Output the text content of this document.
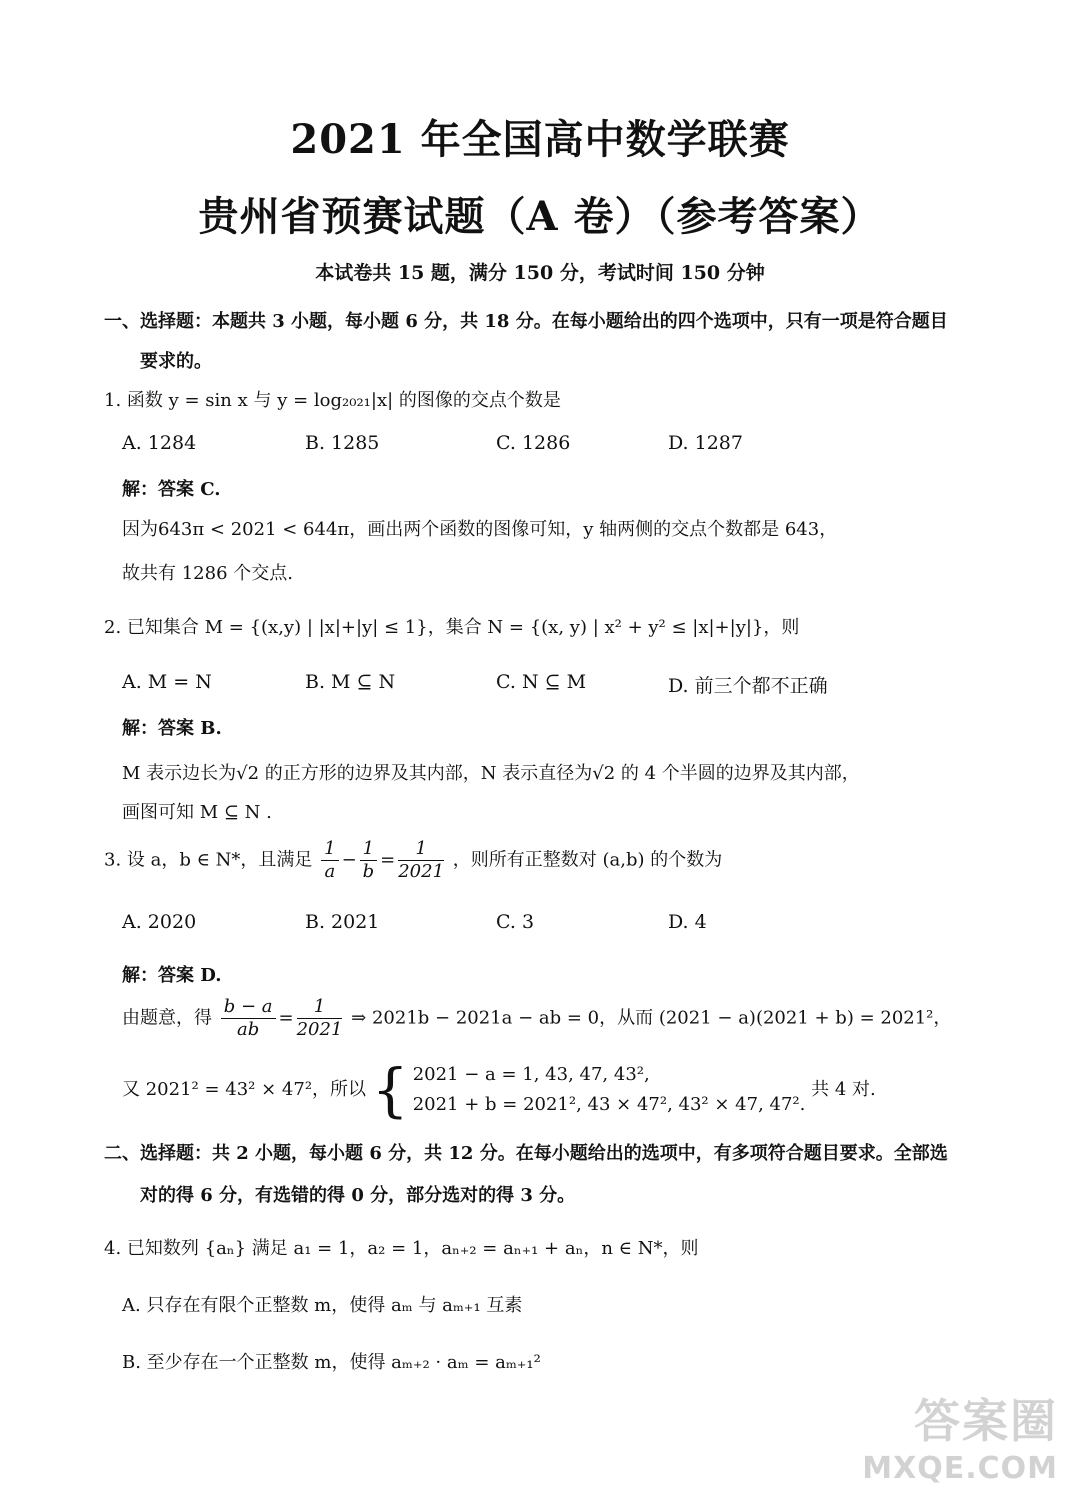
2021 年全国高中数学联赛
贵州省预赛试题（A 卷）（参考答案）
本试卷共 15 题，满分 150 分，考试时间 150 分钟
一、选择题：本题共 3 小题，每小题 6 分，共 18 分。在每小题给出的四个选项中，只有一项是符合题目
要求的。
1. 函数 y = sin x 与 y = log₂₀₂₁|x| 的图像的交点个数是
A. 1284	B. 1285	C. 1286	D. 1287
解：答案 C.
因为643π < 2021 < 644π，画出两个函数的图像可知，y 轴两侧的交点个数都是 643，
故共有 1286 个交点.
2. 已知集合 M = {(x,y) | |x|+|y| ≤ 1}，集合 N = {(x, y) | x² + y² ≤ |x|+|y|}，则
A. M = N	B. M ⊆ N	C. N ⊆ M	D. 前三个都不正确
解：答案 B.
M 表示边长为√2 的正方形的边界及其内部，N 表示直径为√2 的 4 个半圆的边界及其内部，
画图可知 M ⊆ N .
3. 设 a，b ∈ N*，且满足 $\frac{1}{a} - \frac{1}{b} = \frac{1}{2021}$ ，则所有正整数对 (a,b) 的个数为
A. 2020	B. 2021	C. 3	D. 4
解：答案 D.
由题意，得 $\frac{b - a}{ab} = \frac{1}{2021}$ ⇒ 2021b − 2021a − ab = 0，从而 (2021 − a)(2021 + b) = 2021²，
又 2021² = 43² × 47²，所以 { 2021 − a = 1, 43, 47, 43²,
2021 + b = 2021², 43 × 47², 43² × 47, 47².
共 4 对.
二、选择题：共 2 小题，每小题 6 分，共 12 分。在每小题给出的选项中，有多项符合题目要求。全部选
对的得 6 分，有选错的得 0 分，部分选对的得 3 分。
4. 已知数列 {aₙ} 满足 a₁ = 1，a₂ = 1，aₙ₊₂ = aₙ₊₁ + aₙ，n ∈ N*，则
A. 只存在有限个正整数 m，使得 aₘ 与 aₘ₊₁ 互素
B. 至少存在一个正整数 m，使得 aₘ₊₂ · aₘ = aₘ₊₁²
答案圈
MXQE.COM
